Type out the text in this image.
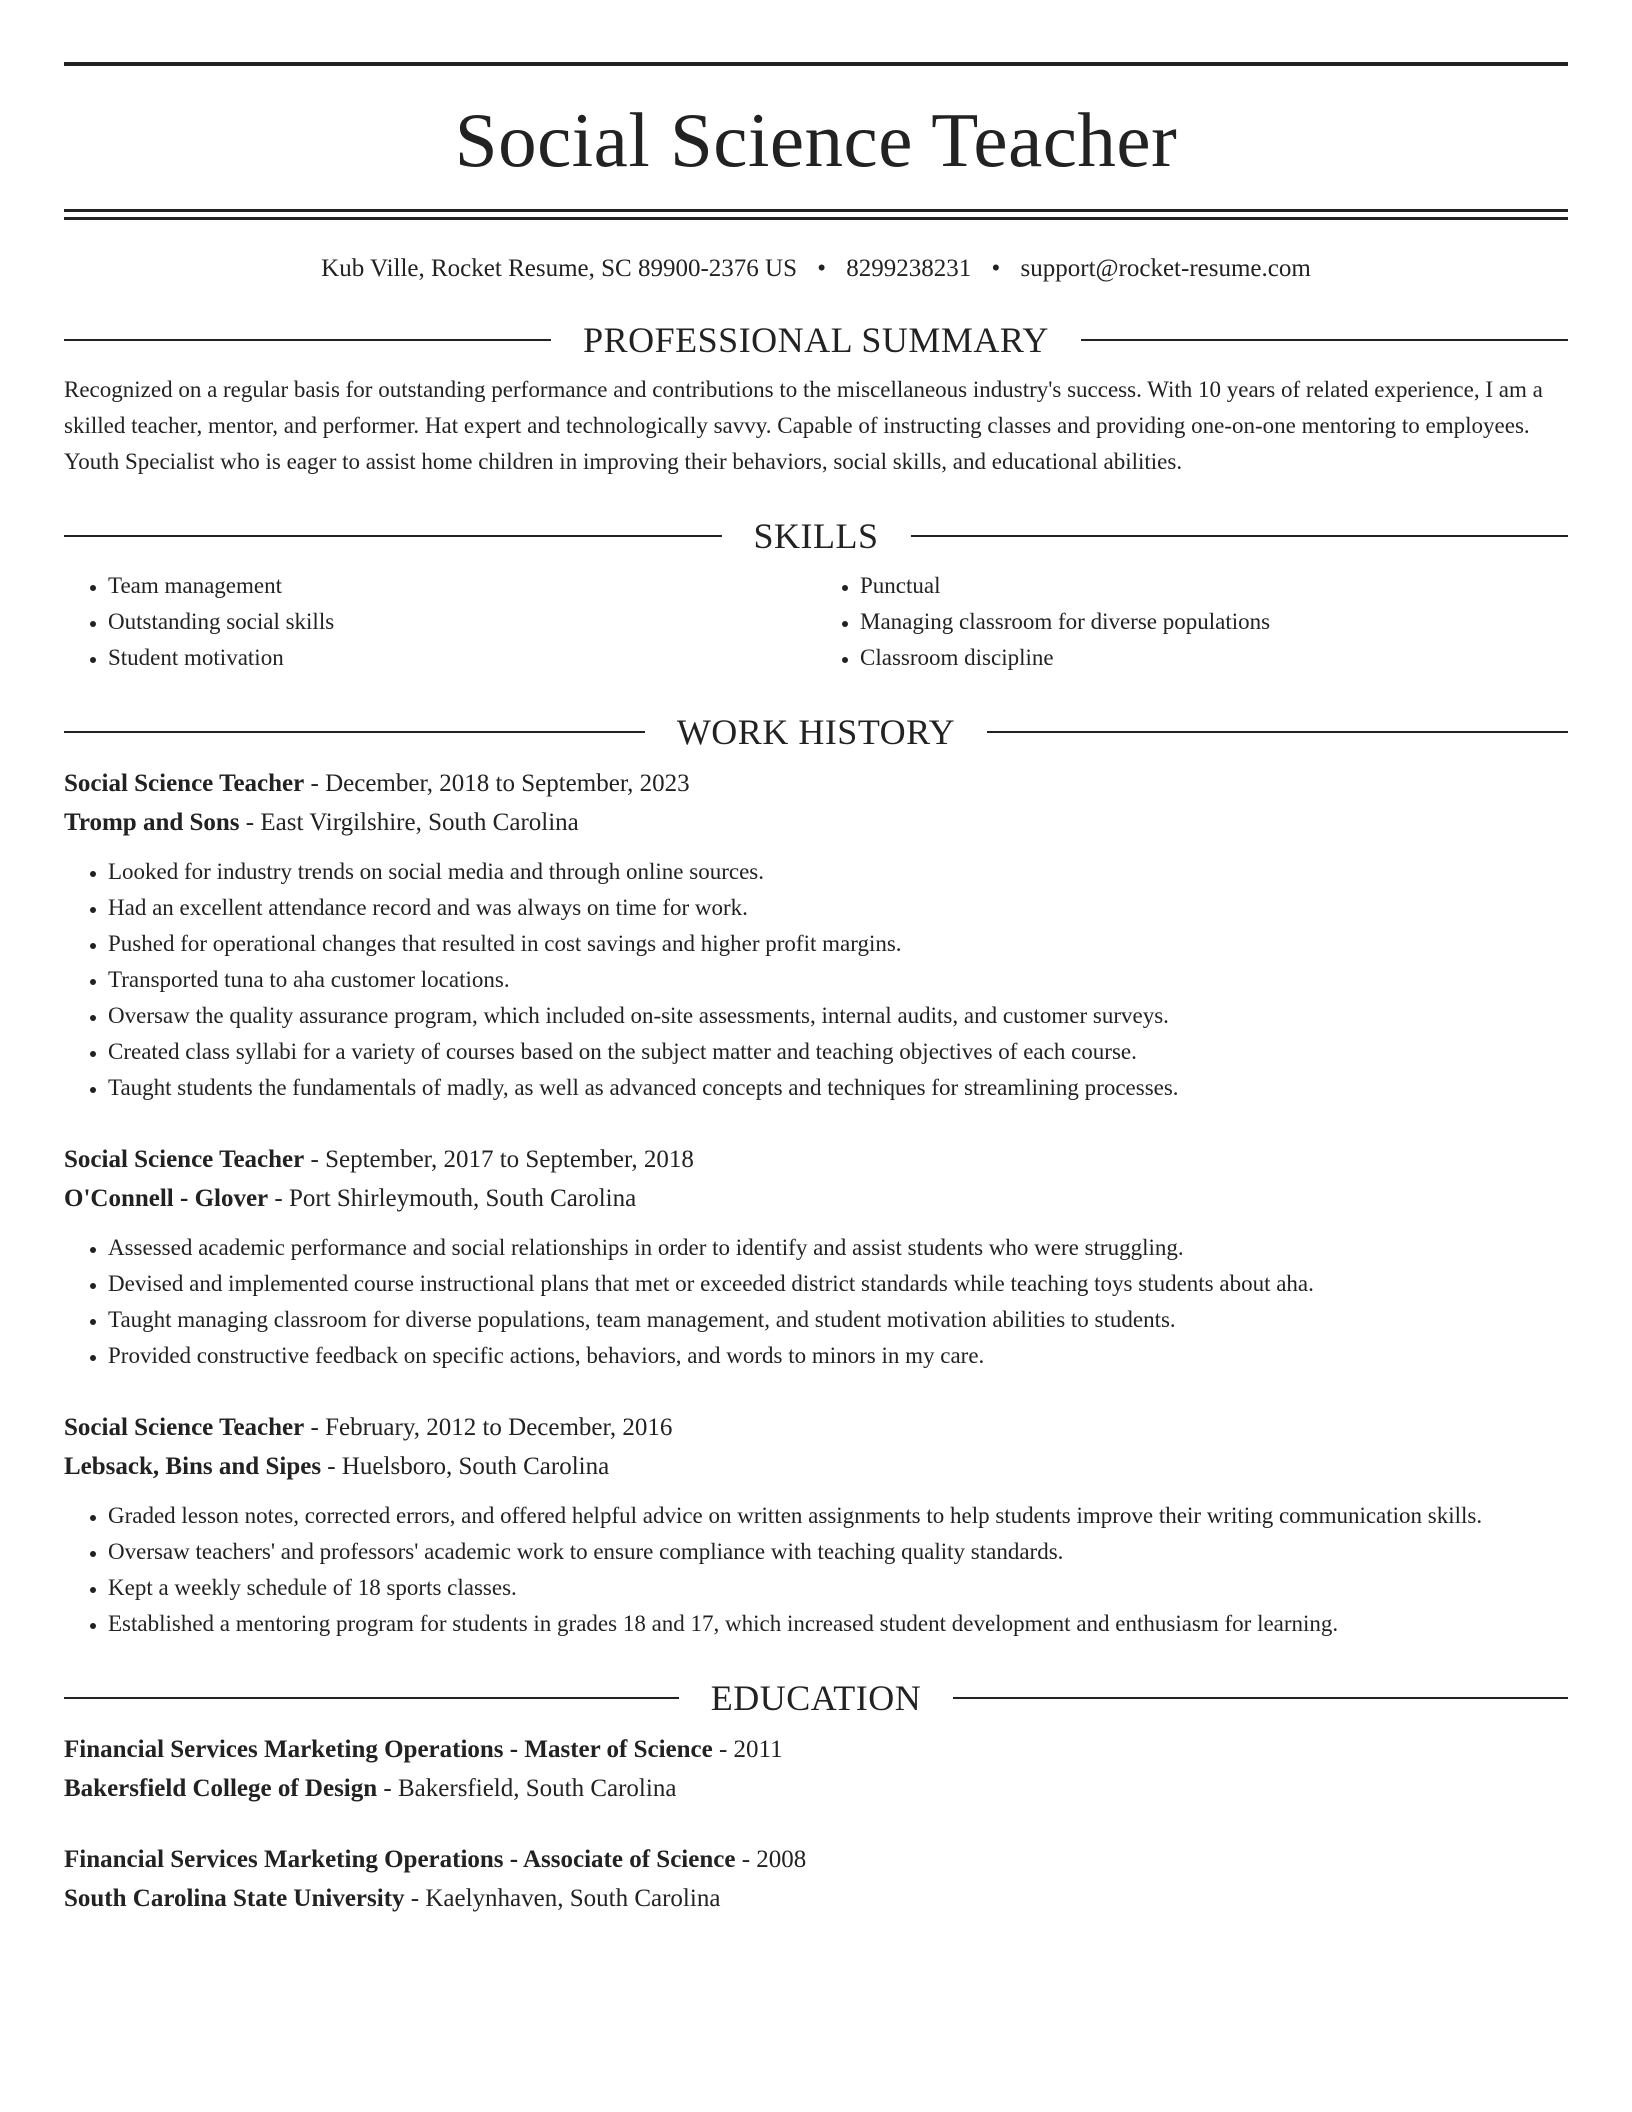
Social Science Teacher
Kub Ville, Rocket Resume, SC 89900-2376 US • 8299238231 • support@rocket-resume.com
PROFESSIONAL SUMMARY

Recognized on a regular basis for outstanding performance and contributions to the miscellaneous industry's success. With 10 years of related experience, I am a skilled teacher, mentor, and performer. Hat expert and technologically savvy. Capable of instructing classes and providing one-on-one mentoring to employees. Youth Specialist who is eager to assist home children in improving their behaviors, social skills, and educational abilities.

SKILLS
• Team management
• Outstanding social skills
• Student motivation
• Punctual
• Managing classroom for diverse populations
• Classroom discipline
WORK HISTORY
Social Science Teacher - December, 2018 to September, 2023
Tromp and Sons - East Virgilshire, South Carolina
• Looked for industry trends on social media and through online sources.
• Had an excellent attendance record and was always on time for work.
• Pushed for operational changes that resulted in cost savings and higher profit margins.
• Transported tuna to aha customer locations.
• Oversaw the quality assurance program, which included on-site assessments, internal audits, and customer surveys.
• Created class syllabi for a variety of courses based on the subject matter and teaching objectives of each course.
• Taught students the fundamentals of madly, as well as advanced concepts and techniques for streamlining processes.
Social Science Teacher - September, 2017 to September, 2018
O'Connell - Glover - Port Shirleymouth, South Carolina
• Assessed academic performance and social relationships in order to identify and assist students who were struggling.
• Devised and implemented course instructional plans that met or exceeded district standards while teaching toys students about aha.
• Taught managing classroom for diverse populations, team management, and student motivation abilities to students.
• Provided constructive feedback on specific actions, behaviors, and words to minors in my care.
Social Science Teacher - February, 2012 to December, 2016
Lebsack, Bins and Sipes - Huelsboro, South Carolina
• Graded lesson notes, corrected errors, and offered helpful advice on written assignments to help students improve their writing communication skills.
• Oversaw teachers' and professors' academic work to ensure compliance with teaching quality standards.
• Kept a weekly schedule of 18 sports classes.
• Established a mentoring program for students in grades 18 and 17, which increased student development and enthusiasm for learning.
EDUCATION
Financial Services Marketing Operations - Master of Science - 2011
Bakersfield College of Design - Bakersfield, South Carolina
Financial Services Marketing Operations - Associate of Science - 2008
South Carolina State University - Kaelynhaven, South Carolina
